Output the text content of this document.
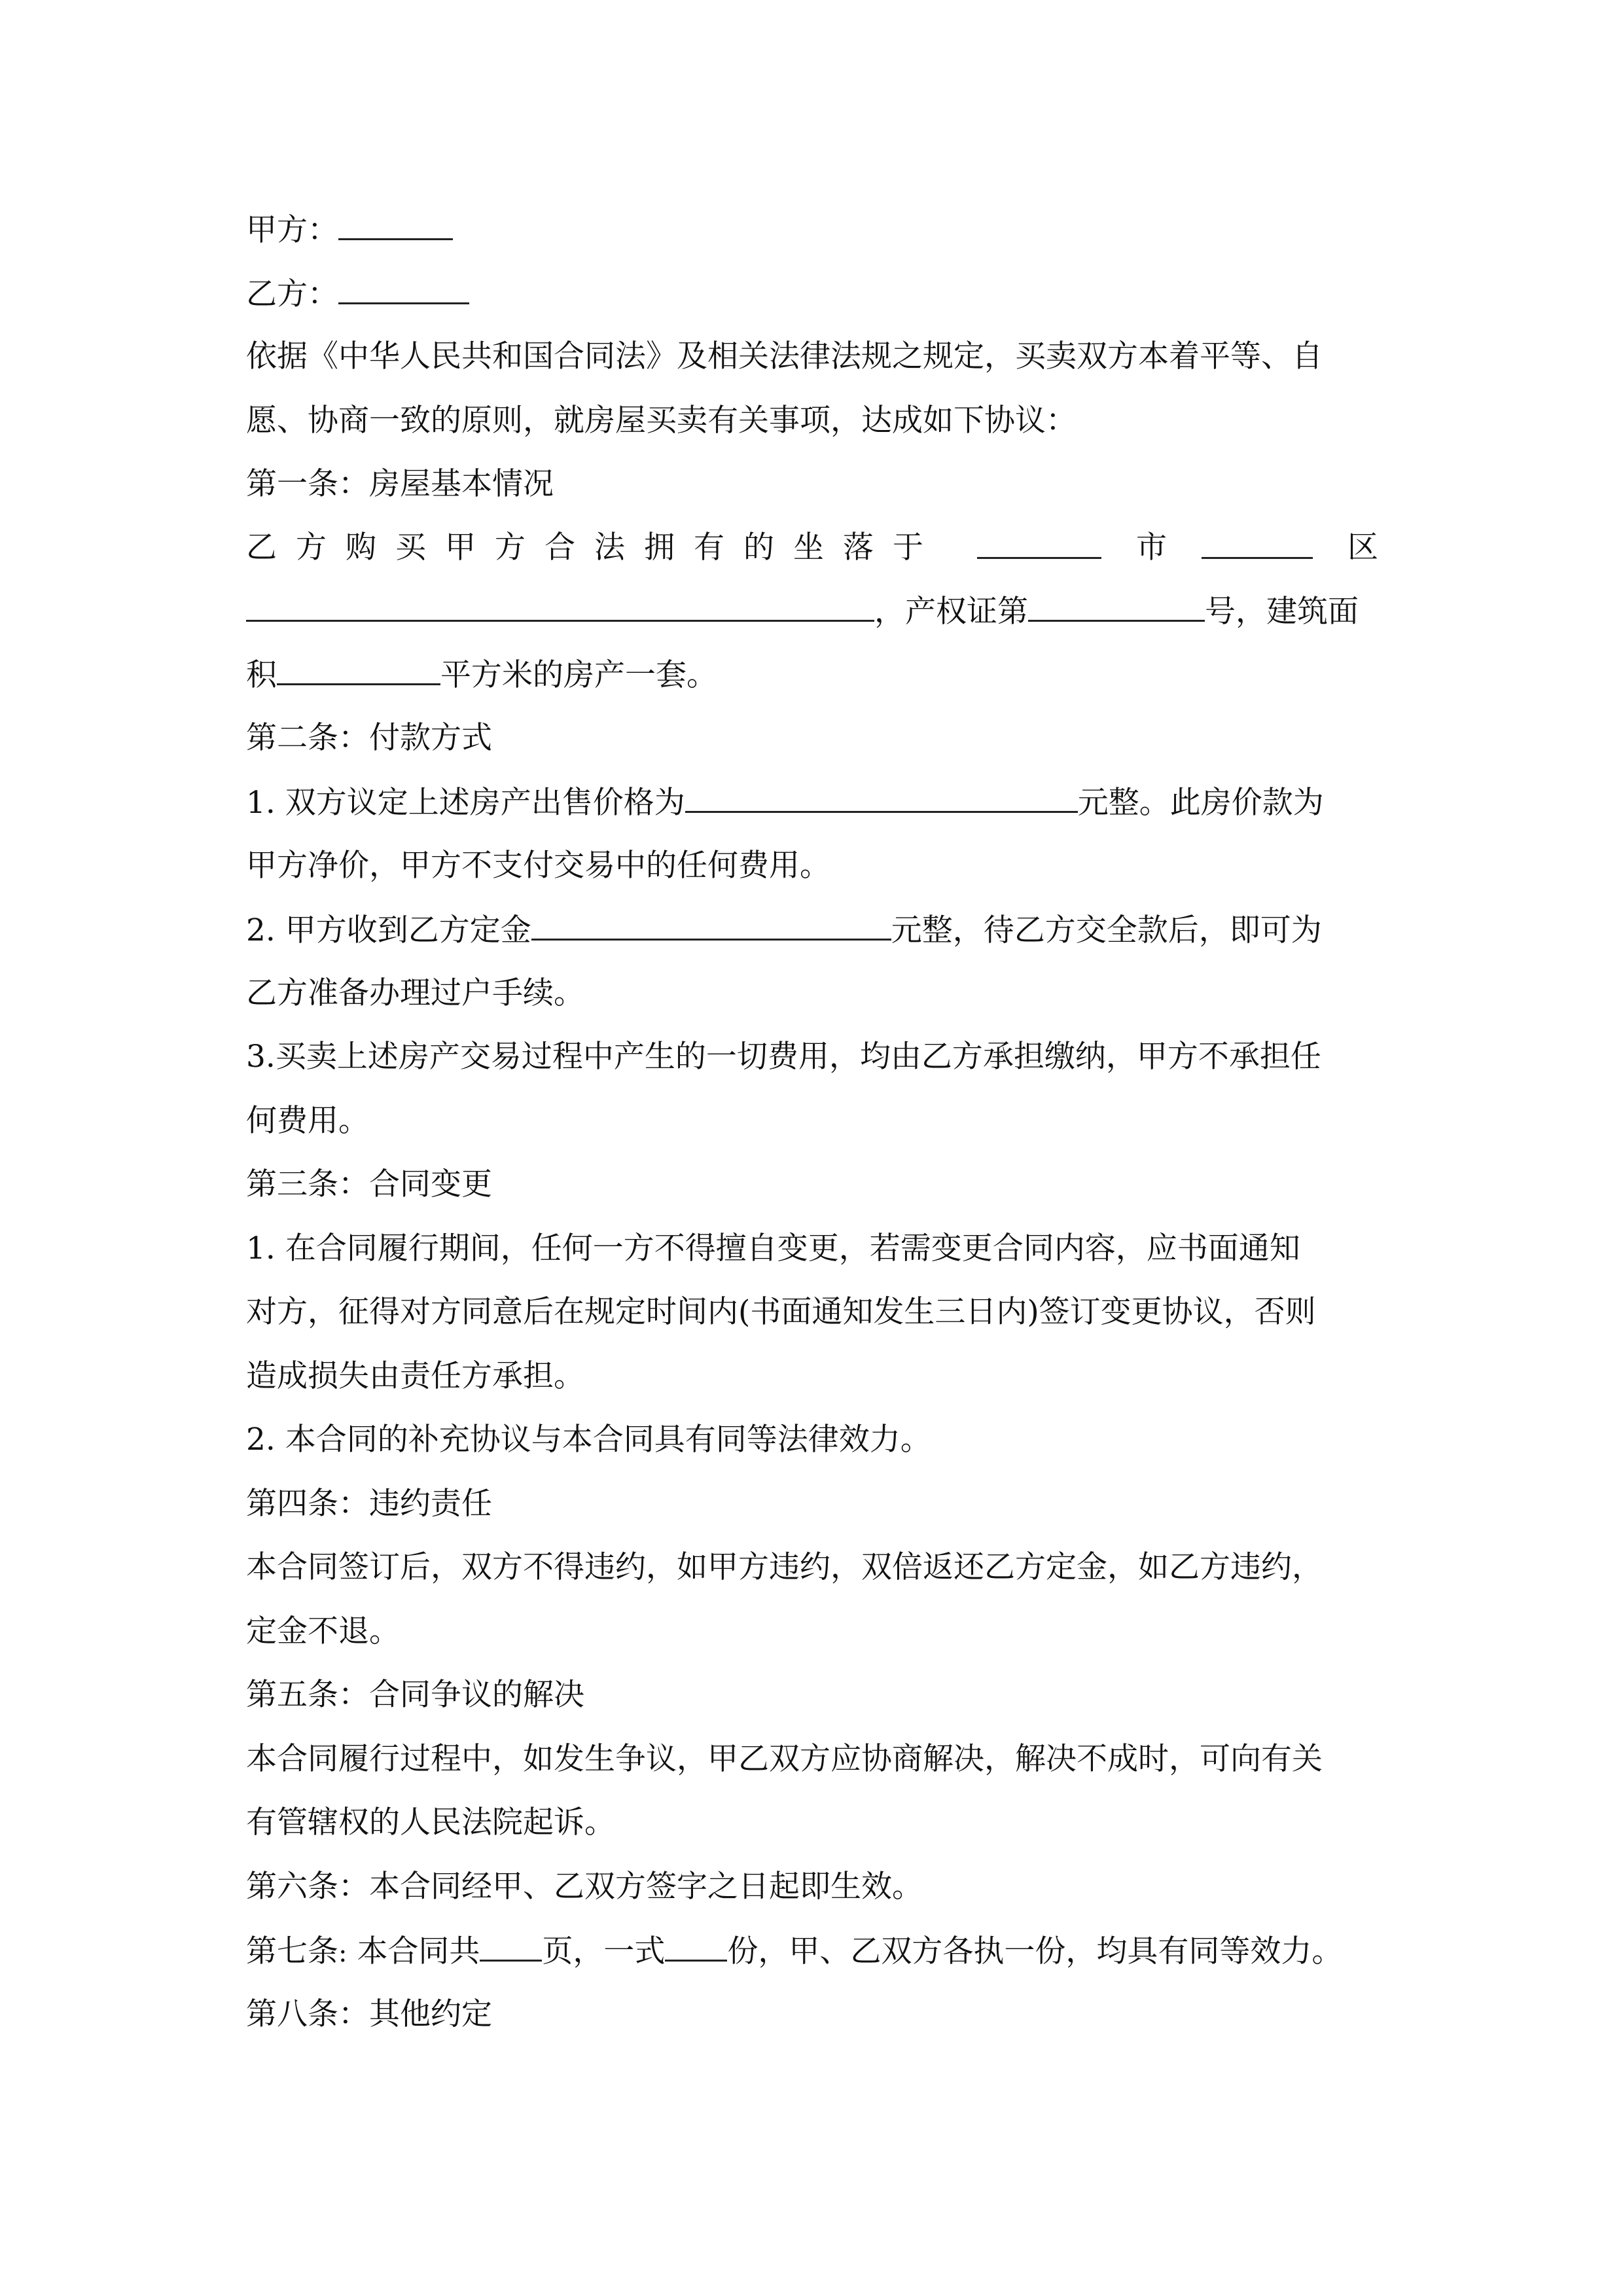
甲方：
乙方：
依据《中华人民共和国合同法》及相关法律法规之规定，买卖双方本着平等、自
愿、协商一致的原则，就房屋买卖有关事项，达成如下协议：
第一条：房屋基本情况
乙方购买甲方合法拥有的坐落于	市	区
，产权证第	号，建筑面
积	平方米的房产一套。
第二条：付款方式
1. 双方议定上述房产出售价格为	元整。此房价款为
甲方净价，甲方不支付交易中的任何费用。
2. 甲方收到乙方定金	元整，待乙方交全款后，即可为
乙方准备办理过户手续。
3.买卖上述房产交易过程中产生的一切费用，均由乙方承担缴纳，甲方不承担任
何费用。
第三条：合同变更
1. 在合同履行期间，任何一方不得擅自变更，若需变更合同内容，应书面通知
对方，征得对方同意后在规定时间内(书面通知发生三日内)签订变更协议，否则
造成损失由责任方承担。
2. 本合同的补充协议与本合同具有同等法律效力。
第四条：违约责任
本合同签订后，双方不得违约，如甲方违约，双倍返还乙方定金，如乙方违约，
定金不退。
第五条：合同争议的解决
本合同履行过程中，如发生争议，甲乙双方应协商解决，解决不成时，可向有关
有管辖权的人民法院起诉。
第六条：本合同经甲、乙双方签字之日起即生效。
第七条: 本合同共 页，一式 份，甲、乙双方各执一份，均具有同等效力。
第八条：其他约定
